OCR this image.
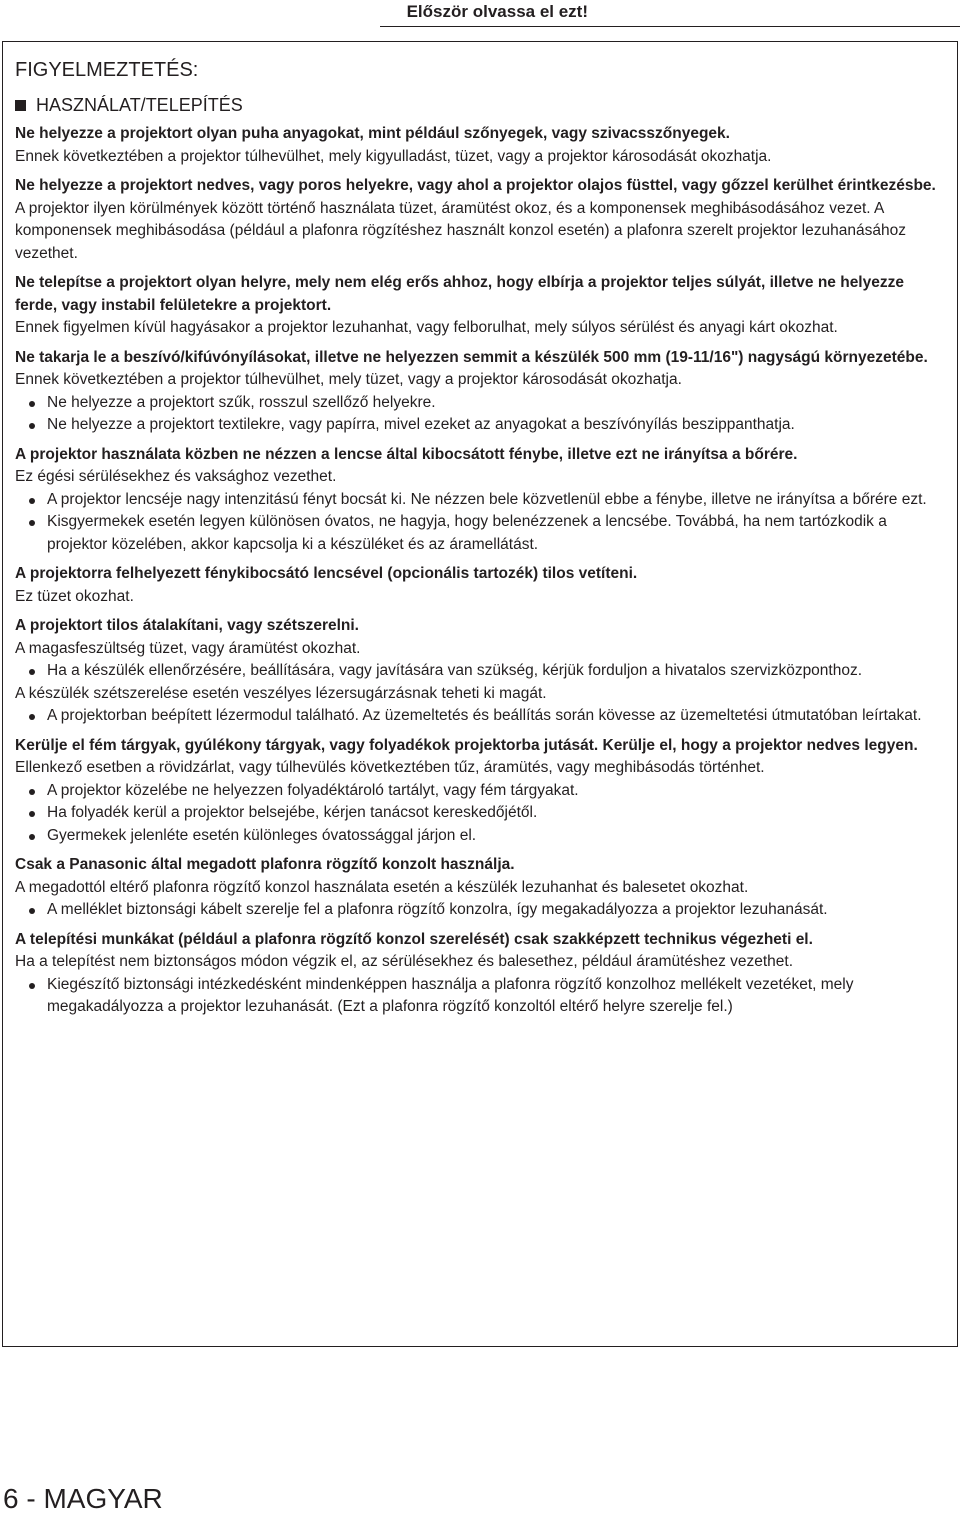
Először olvassa el ezt!
FIGYELMEZTETÉS:
HASZNÁLAT/TELEPÍTÉS
Ne helyezze a projektort olyan puha anyagokat, mint például szőnyegek, vagy szivacsszőnyegek.
Ennek következtében a projektor túlhevülhet, mely kigyulladást, tüzet, vagy a projektor károsodását okozhatja.
Ne helyezze a projektort nedves, vagy poros helyekre, vagy ahol a projektor olajos füsttel, vagy gőzzel kerülhet érintkezésbe.
A projektor ilyen körülmények között történő használata tüzet, áramütést okoz, és a komponensek meghibásodásához vezet. A komponensek meghibásodása (például a plafonra rögzítéshez használt konzol esetén) a plafonra szerelt projektor lezuhanásához vezethet.
Ne telepítse a projektort olyan helyre, mely nem elég erős ahhoz, hogy elbírja a projektor teljes súlyát, illetve ne helyezze ferde, vagy instabil felületekre a projektort.
Ennek figyelmen kívül hagyásakor a projektor lezuhanhat, vagy felborulhat, mely súlyos sérülést és anyagi kárt okozhat.
Ne takarja le a beszívó/kifúvónyílásokat, illetve ne helyezzen semmit a készülék 500 mm (19-11/16") nagyságú környezetébe.
Ennek következtében a projektor túlhevülhet, mely tüzet, vagy a projektor károsodását okozhatja.
Ne helyezze a projektort szűk, rosszul szellőző helyekre.
Ne helyezze a projektort textilekre, vagy papírra, mivel ezeket az anyagokat a beszívónyílás beszippanthatja.
A projektor használata közben ne nézzen a lencse által kibocsátott fénybe, illetve ezt ne irányítsa a bőrére.
Ez égési sérülésekhez és vaksághoz vezethet.
A projektor lencséje nagy intenzitású fényt bocsát ki. Ne nézzen bele közvetlenül ebbe a fénybe, illetve ne irányítsa a bőrére ezt.
Kisgyermekek esetén legyen különösen óvatos, ne hagyja, hogy belenézzenek a lencsébe. Továbbá, ha nem tartózkodik a projektor közelében, akkor kapcsolja ki a készüléket és az áramellátást.
A projektorra felhelyezett fénykibocsátó lencsével (opcionális tartozék) tilos vetíteni.
Ez tüzet okozhat.
A projektort tilos átalakítani, vagy szétszerelni.
A magasfeszültség tüzet, vagy áramütést okozhat.
Ha a készülék ellenőrzésére, beállítására, vagy javítására van szükség, kérjük forduljon a hivatalos szervizközponthoz.
A készülék szétszerelése esetén veszélyes lézersugárzásnak teheti ki magát.
A projektorban beépített lézermodul található. Az üzemeltetés és beállítás során kövesse az üzemeltetési útmutatóban leírtakat.
Kerülje el fém tárgyak, gyúlékony tárgyak, vagy folyadékok projektorba jutását. Kerülje el, hogy a projektor nedves legyen.
Ellenkező esetben a rövidzárlat, vagy túlhevülés következtében tűz, áramütés, vagy meghibásodás történhet.
A projektor közelébe ne helyezzen folyadéktároló tartályt, vagy fém tárgyakat.
Ha folyadék kerül a projektor belsejébe, kérjen tanácsot kereskedőjétől.
Gyermekek jelenléte esetén különleges óvatossággal járjon el.
Csak a Panasonic által megadott plafonra rögzítő konzolt használja.
A megadottól eltérő plafonra rögzítő konzol használata esetén a készülék lezuhanhat és balesetet okozhat.
A melléklet biztonsági kábelt szerelje fel a plafonra rögzítő konzolra, így megakadályozza a projektor lezuhanását.
A telepítési munkákat (például a plafonra rögzítő konzol szerelését) csak szakképzett technikus végezheti el.
Ha a telepítést nem biztonságos módon végzik el, az sérülésekhez és balesethez, például áramütéshez vezethet.
Kiegészítő biztonsági intézkedésként mindenképpen használja a plafonra rögzítő konzolhoz mellékelt vezetéket, mely megakadályozza a projektor lezuhanását. (Ezt a plafonra rögzítő konzoltól eltérő helyre szerelje fel.)
6 - MAGYAR
